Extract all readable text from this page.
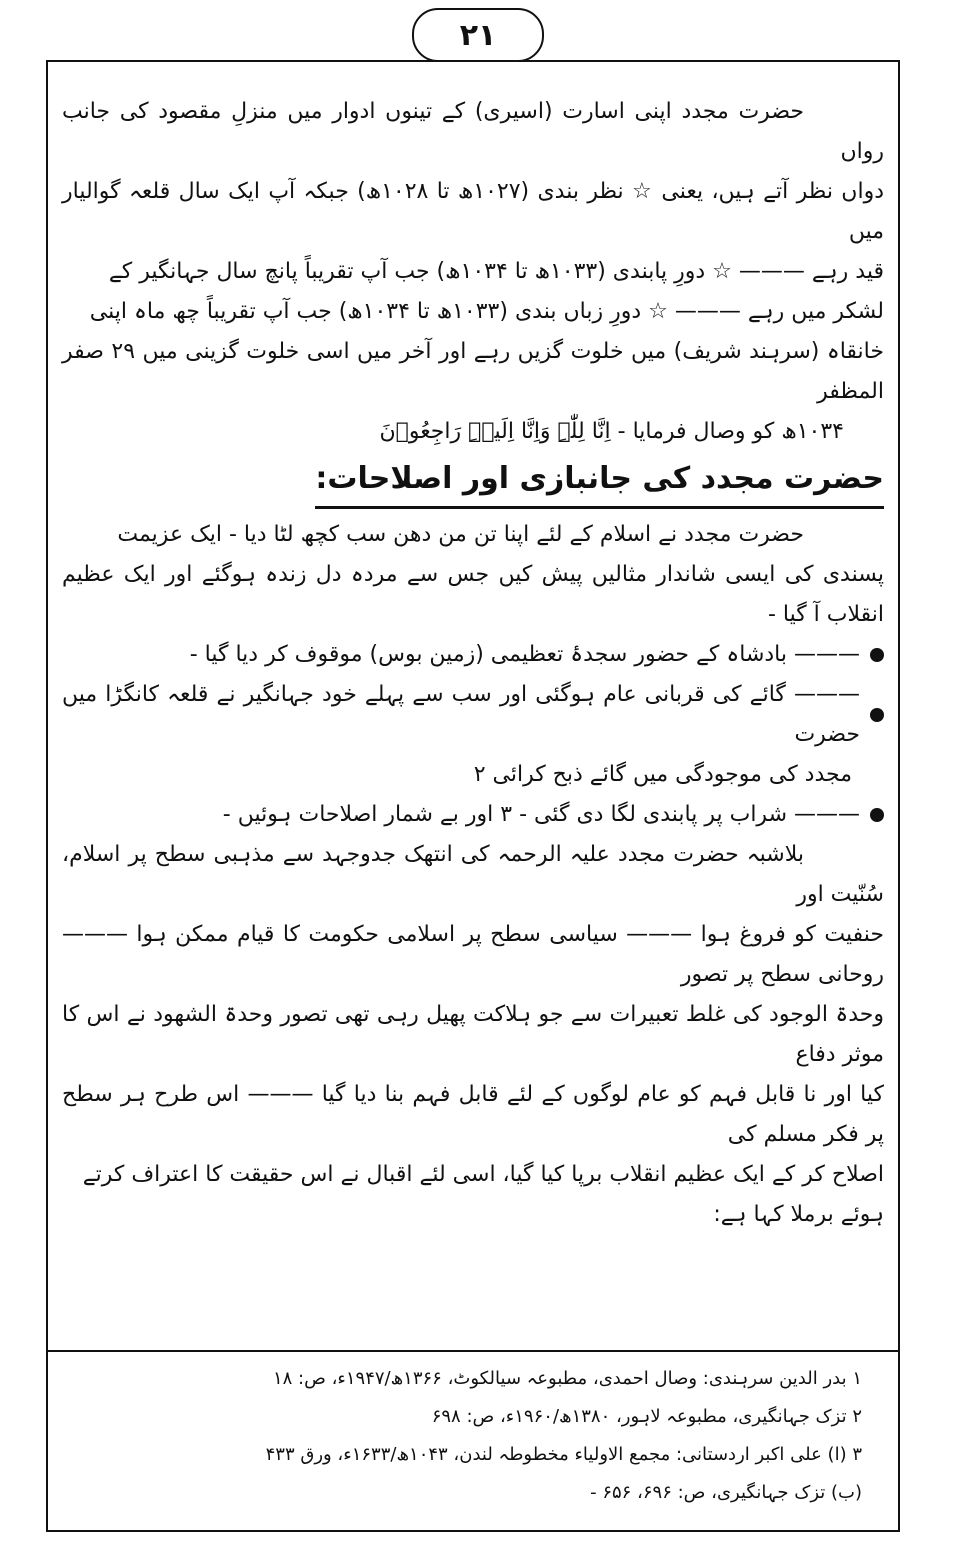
۲۱

حضرت مجدد اپنی اسارت (اسیری) کے تینوں ادوار میں منزلِ مقصود کی جانب رواں

دواں نظر آتے ہیں، یعنی ☆ نظر بندی (۱۰۲۷ھ تا ۱۰۲۸ھ) جبکہ آپ ایک سال قلعہ گوالیار میں

قید رہے ——— ☆ دورِ پابندی (۱۰۳۳ھ تا ۱۰۳۴ھ) جب آپ تقریباً پانچ سال جہانگیر کے

لشکر میں رہے ——— ☆ دورِ زباں بندی (۱۰۳۳ھ تا ۱۰۳۴ھ) جب آپ تقریباً چھ ماہ اپنی

خانقاہ (سرہند شریف) میں خلوت گزیں رہے اور آخر میں اسی خلوت گزینی میں ۲۹ صفر المظفر

۱۰۳۴ھ کو وصال فرمایا - اِنَّا لِلّٰہِ وَاِنَّا اِلَیۡہِ رَاجِعُوۡنَ

حضرت مجدد کی جانبازی اور اصلاحات:

حضرت مجدد نے اسلام کے لئے اپنا تن من دھن سب کچھ لٹا دیا - ایک عزیمت

پسندی کی ایسی شاندار مثالیں پیش کیں جس سے مردہ دل زندہ ہوگئے اور ایک عظیم انقلاب آ گیا -

——— بادشاہ کے حضور سجدۂ تعظیمی (زمین بوس) موقوف کر دیا گیا -

——— گائے کی قربانی عام ہوگئی اور سب سے پہلے خود جہانگیر نے قلعہ کانگڑا میں حضرت

مجدد کی موجودگی میں گائے ذبح کرائی ۲

——— شراب پر پابندی لگا دی گئی - ۳ اور بے شمار اصلاحات ہوئیں -

بلاشبہ حضرت مجدد علیہ الرحمہ کی انتھک جدوجہد سے مذہبی سطح پر اسلام، سُنّیت اور

حنفیت کو فروغ ہوا ——— سیاسی سطح پر اسلامی حکومت کا قیام ممکن ہوا ——— روحانی سطح پر تصور

وحدۃ الوجود کی غلط تعبیرات سے جو ہلاکت پھیل رہی تھی تصور وحدۃ الشھود نے اس کا موثر دفاع

کیا اور نا قابل فہم کو عام لوگوں کے لئے قابل فہم بنا دیا گیا ——— اس طرح ہر سطح پر فکر مسلم کی

اصلاح کر کے ایک عظیم انقلاب برپا کیا گیا، اسی لئے اقبال نے اس حقیقت کا اعتراف کرتے

ہوئے برملا کہا ہے:

۱ بدر الدین سرہندی: وصال احمدی، مطبوعہ سیالکوٹ، ۱۳۶۶ھ/۱۹۴۷ء، ص: ۱۸

۲ تزک جہانگیری، مطبوعہ لاہور، ۱۳۸۰ھ/۱۹۶۰ء، ص: ۶۹۸

۳ (ا) علی اکبر اردستانی: مجمع الاولیاء مخطوطہ لندن، ۱۰۴۳ھ/۱۶۳۳ء، ورق ۴۳۳

(ب) تزک جہانگیری، ص: ۶۹۶، ۶۵۶ -
